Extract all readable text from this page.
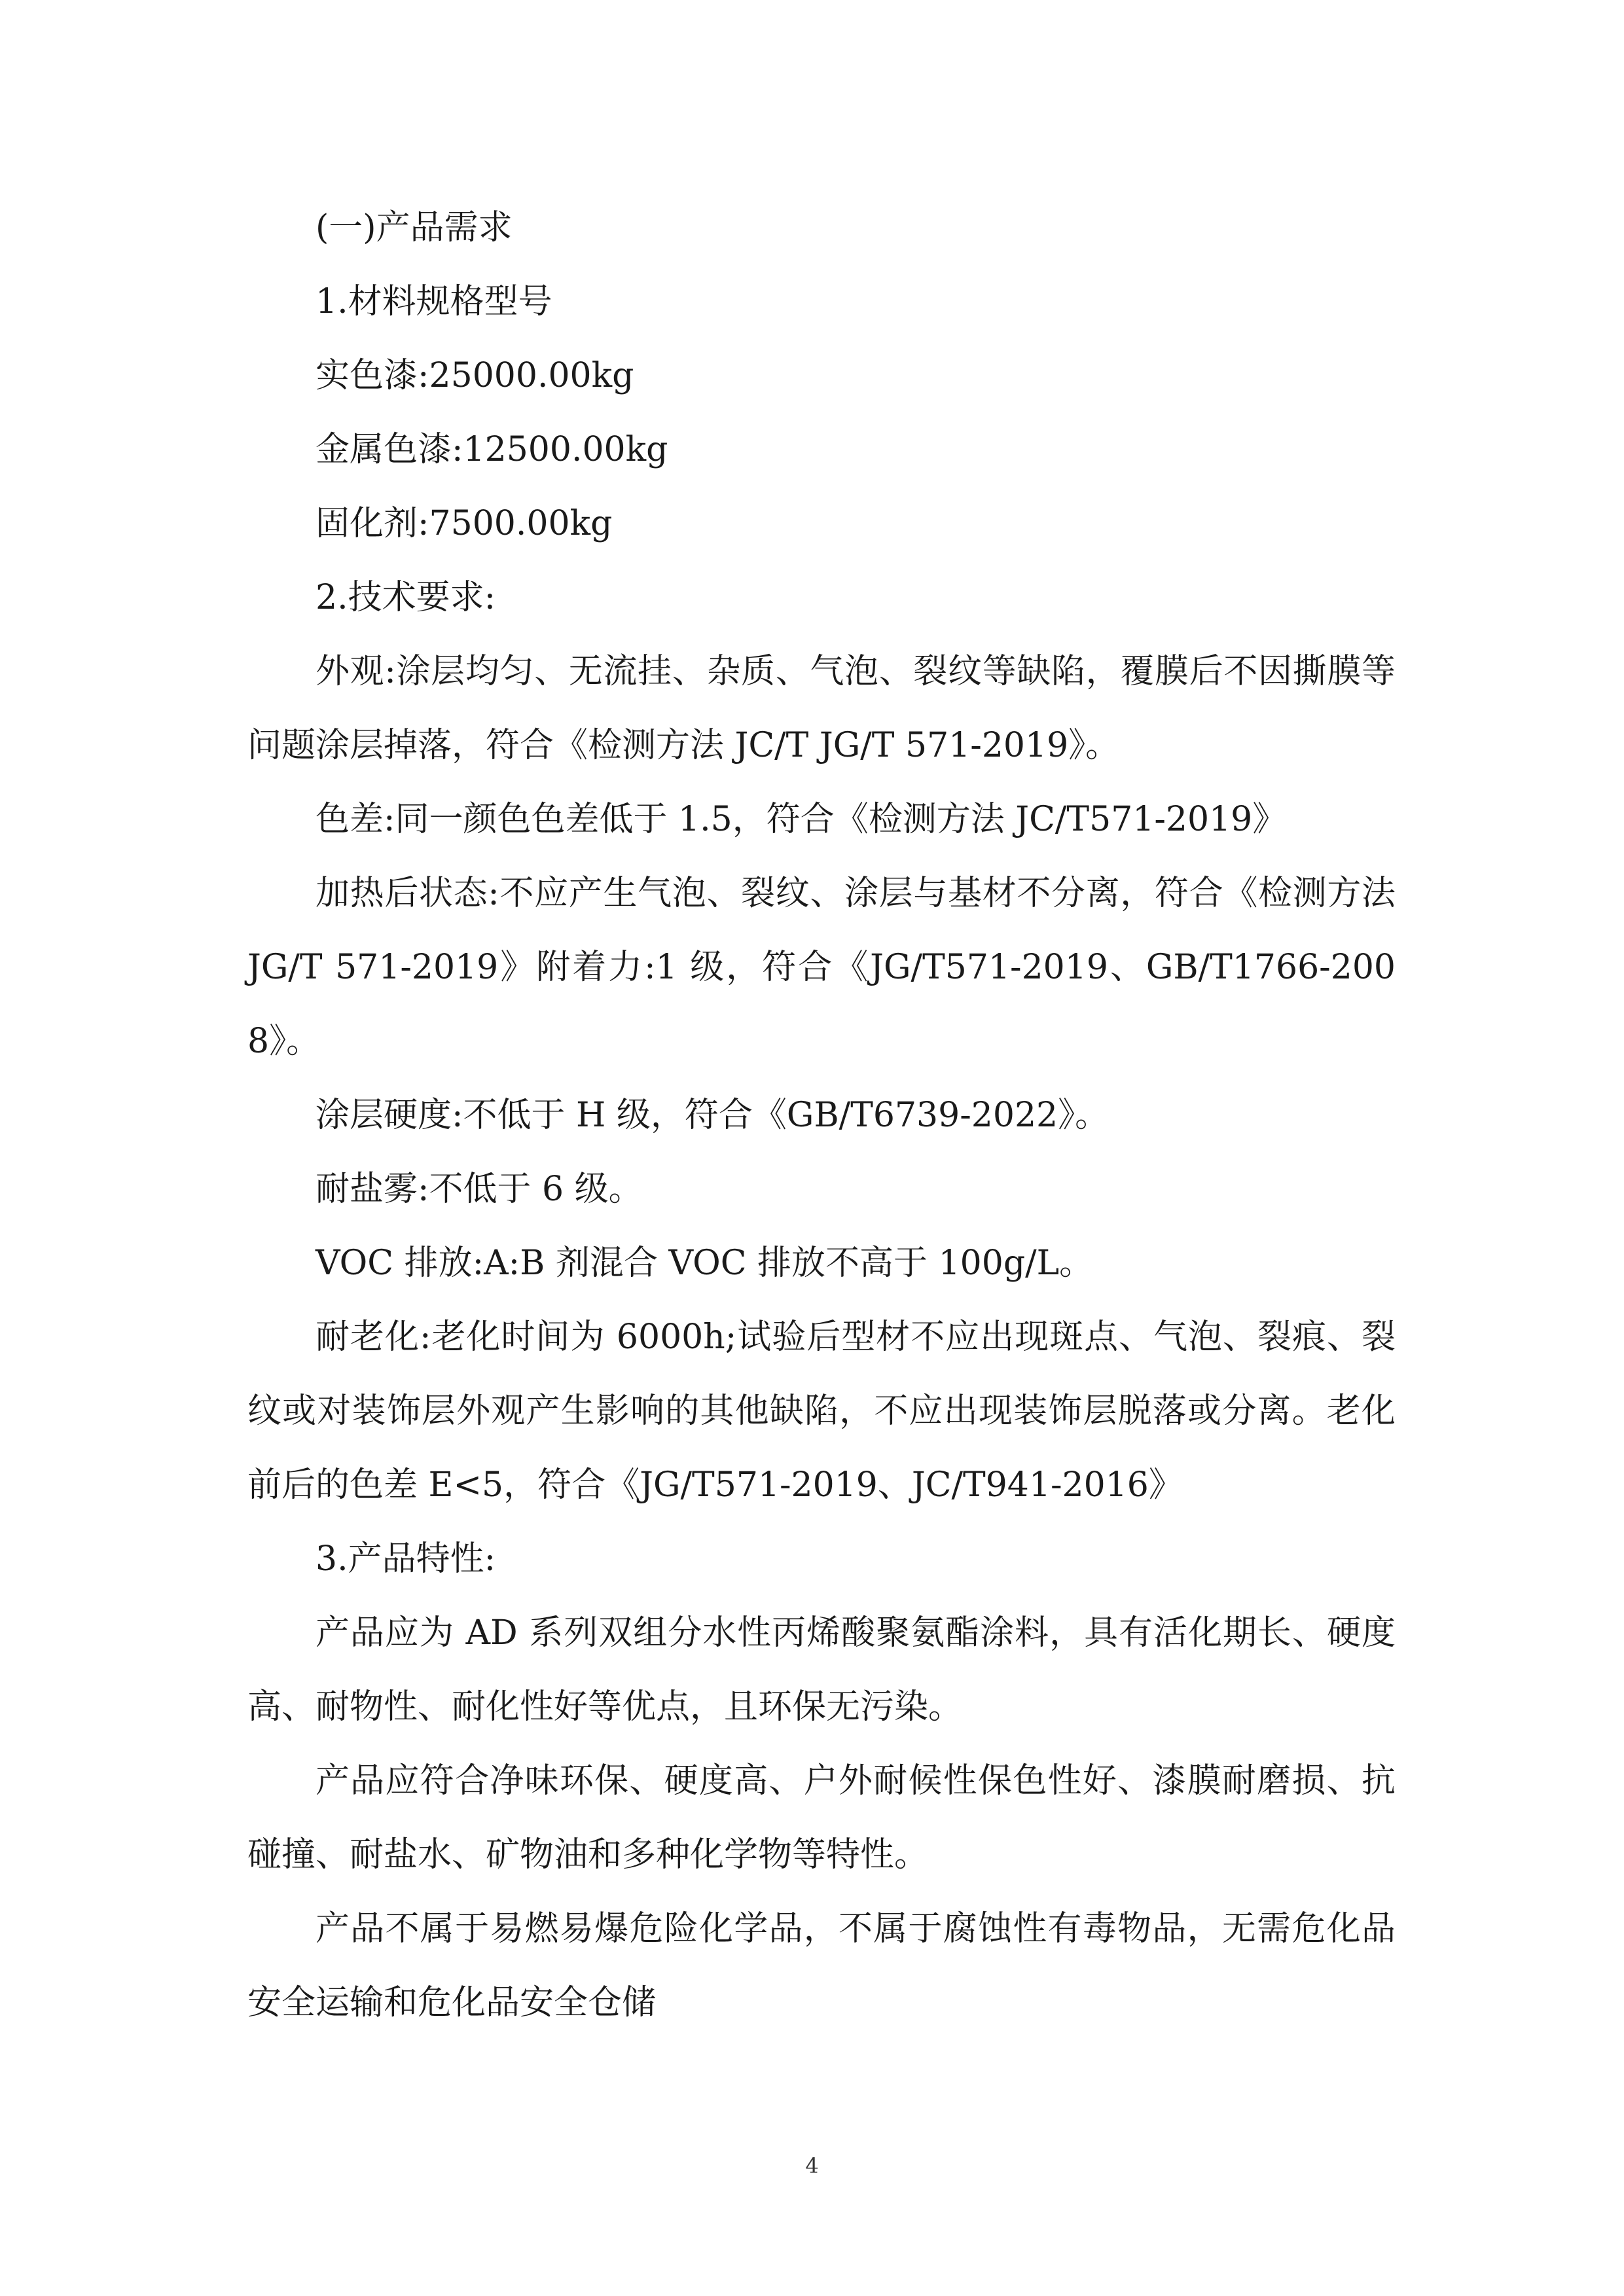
(一)产品需求

1.材料规格型号

实色漆:25000.00kg

金属色漆:12500.00kg

固化剂:7500.00kg

2.技术要求:

外观:涂层均匀、无流挂、杂质、气泡、裂纹等缺陷，覆膜后不因撕膜等问题涂层掉落，符合《检测方法 JC/T JG/T 571-2019》。

色差:同一颜色色差低于 1.5，符合《检测方法 JC/T571-2019》

加热后状态:不应产生气泡、裂纹、涂层与基材不分离，符合《检测方法 JG/T 571-2019》附着力:1 级，符合《JG/T571-2019、GB/T1766-2008》。

涂层硬度:不低于 H 级，符合《GB/T6739-2022》。

耐盐雾:不低于 6 级。

VOC 排放:A:B 剂混合 VOC 排放不高于 100g/L。

耐老化:老化时间为 6000h;试验后型材不应出现斑点、气泡、裂痕、裂纹或对装饰层外观产生影响的其他缺陷，不应出现装饰层脱落或分离。老化前后的色差 E<5，符合《JG/T571-2019、JC/T941-2016》

3.产品特性:

产品应为 AD 系列双组分水性丙烯酸聚氨酯涂料，具有活化期长、硬度高、耐物性、耐化性好等优点，且环保无污染。

产品应符合净味环保、硬度高、户外耐候性保色性好、漆膜耐磨损、抗碰撞、耐盐水、矿物油和多种化学物等特性。

产品不属于易燃易爆危险化学品，不属于腐蚀性有毒物品，无需危化品安全运输和危化品安全仓储

4
